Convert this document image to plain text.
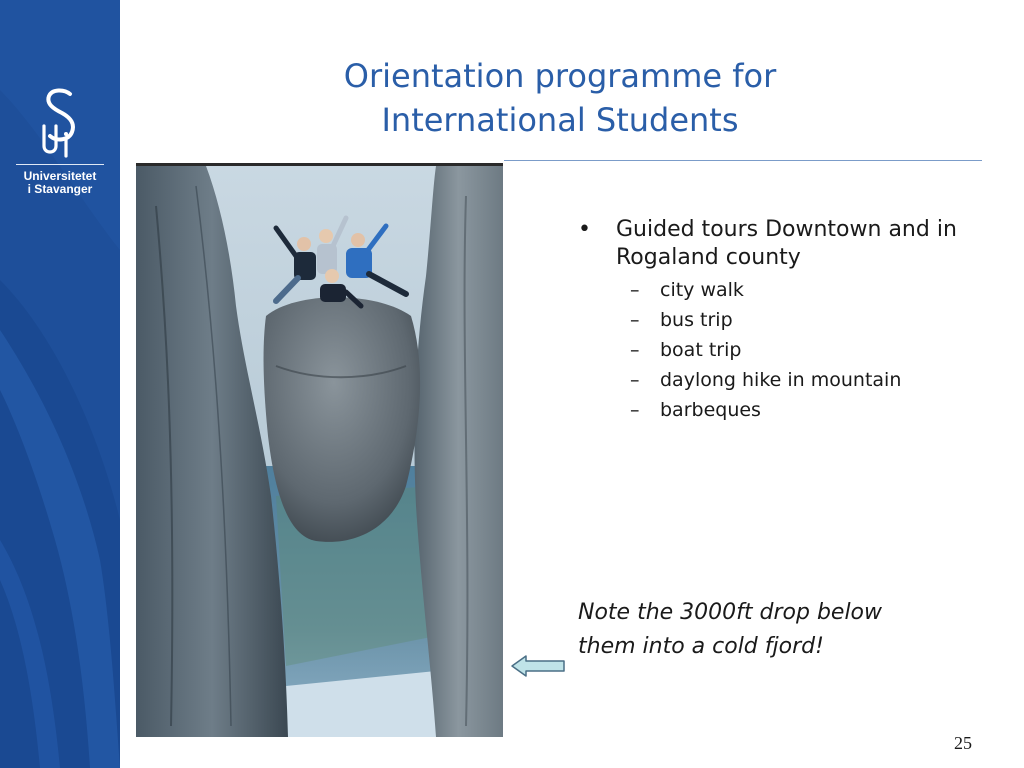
Universitetet
i Stavanger
Orientation programme for
International Students
• Guided tours Downtown and in Rogaland county
– city walk
– bus trip
– boat trip
– daylong hike in mountain
– barbeques
Note the 3000ft drop below
them into a cold fjord!
25
